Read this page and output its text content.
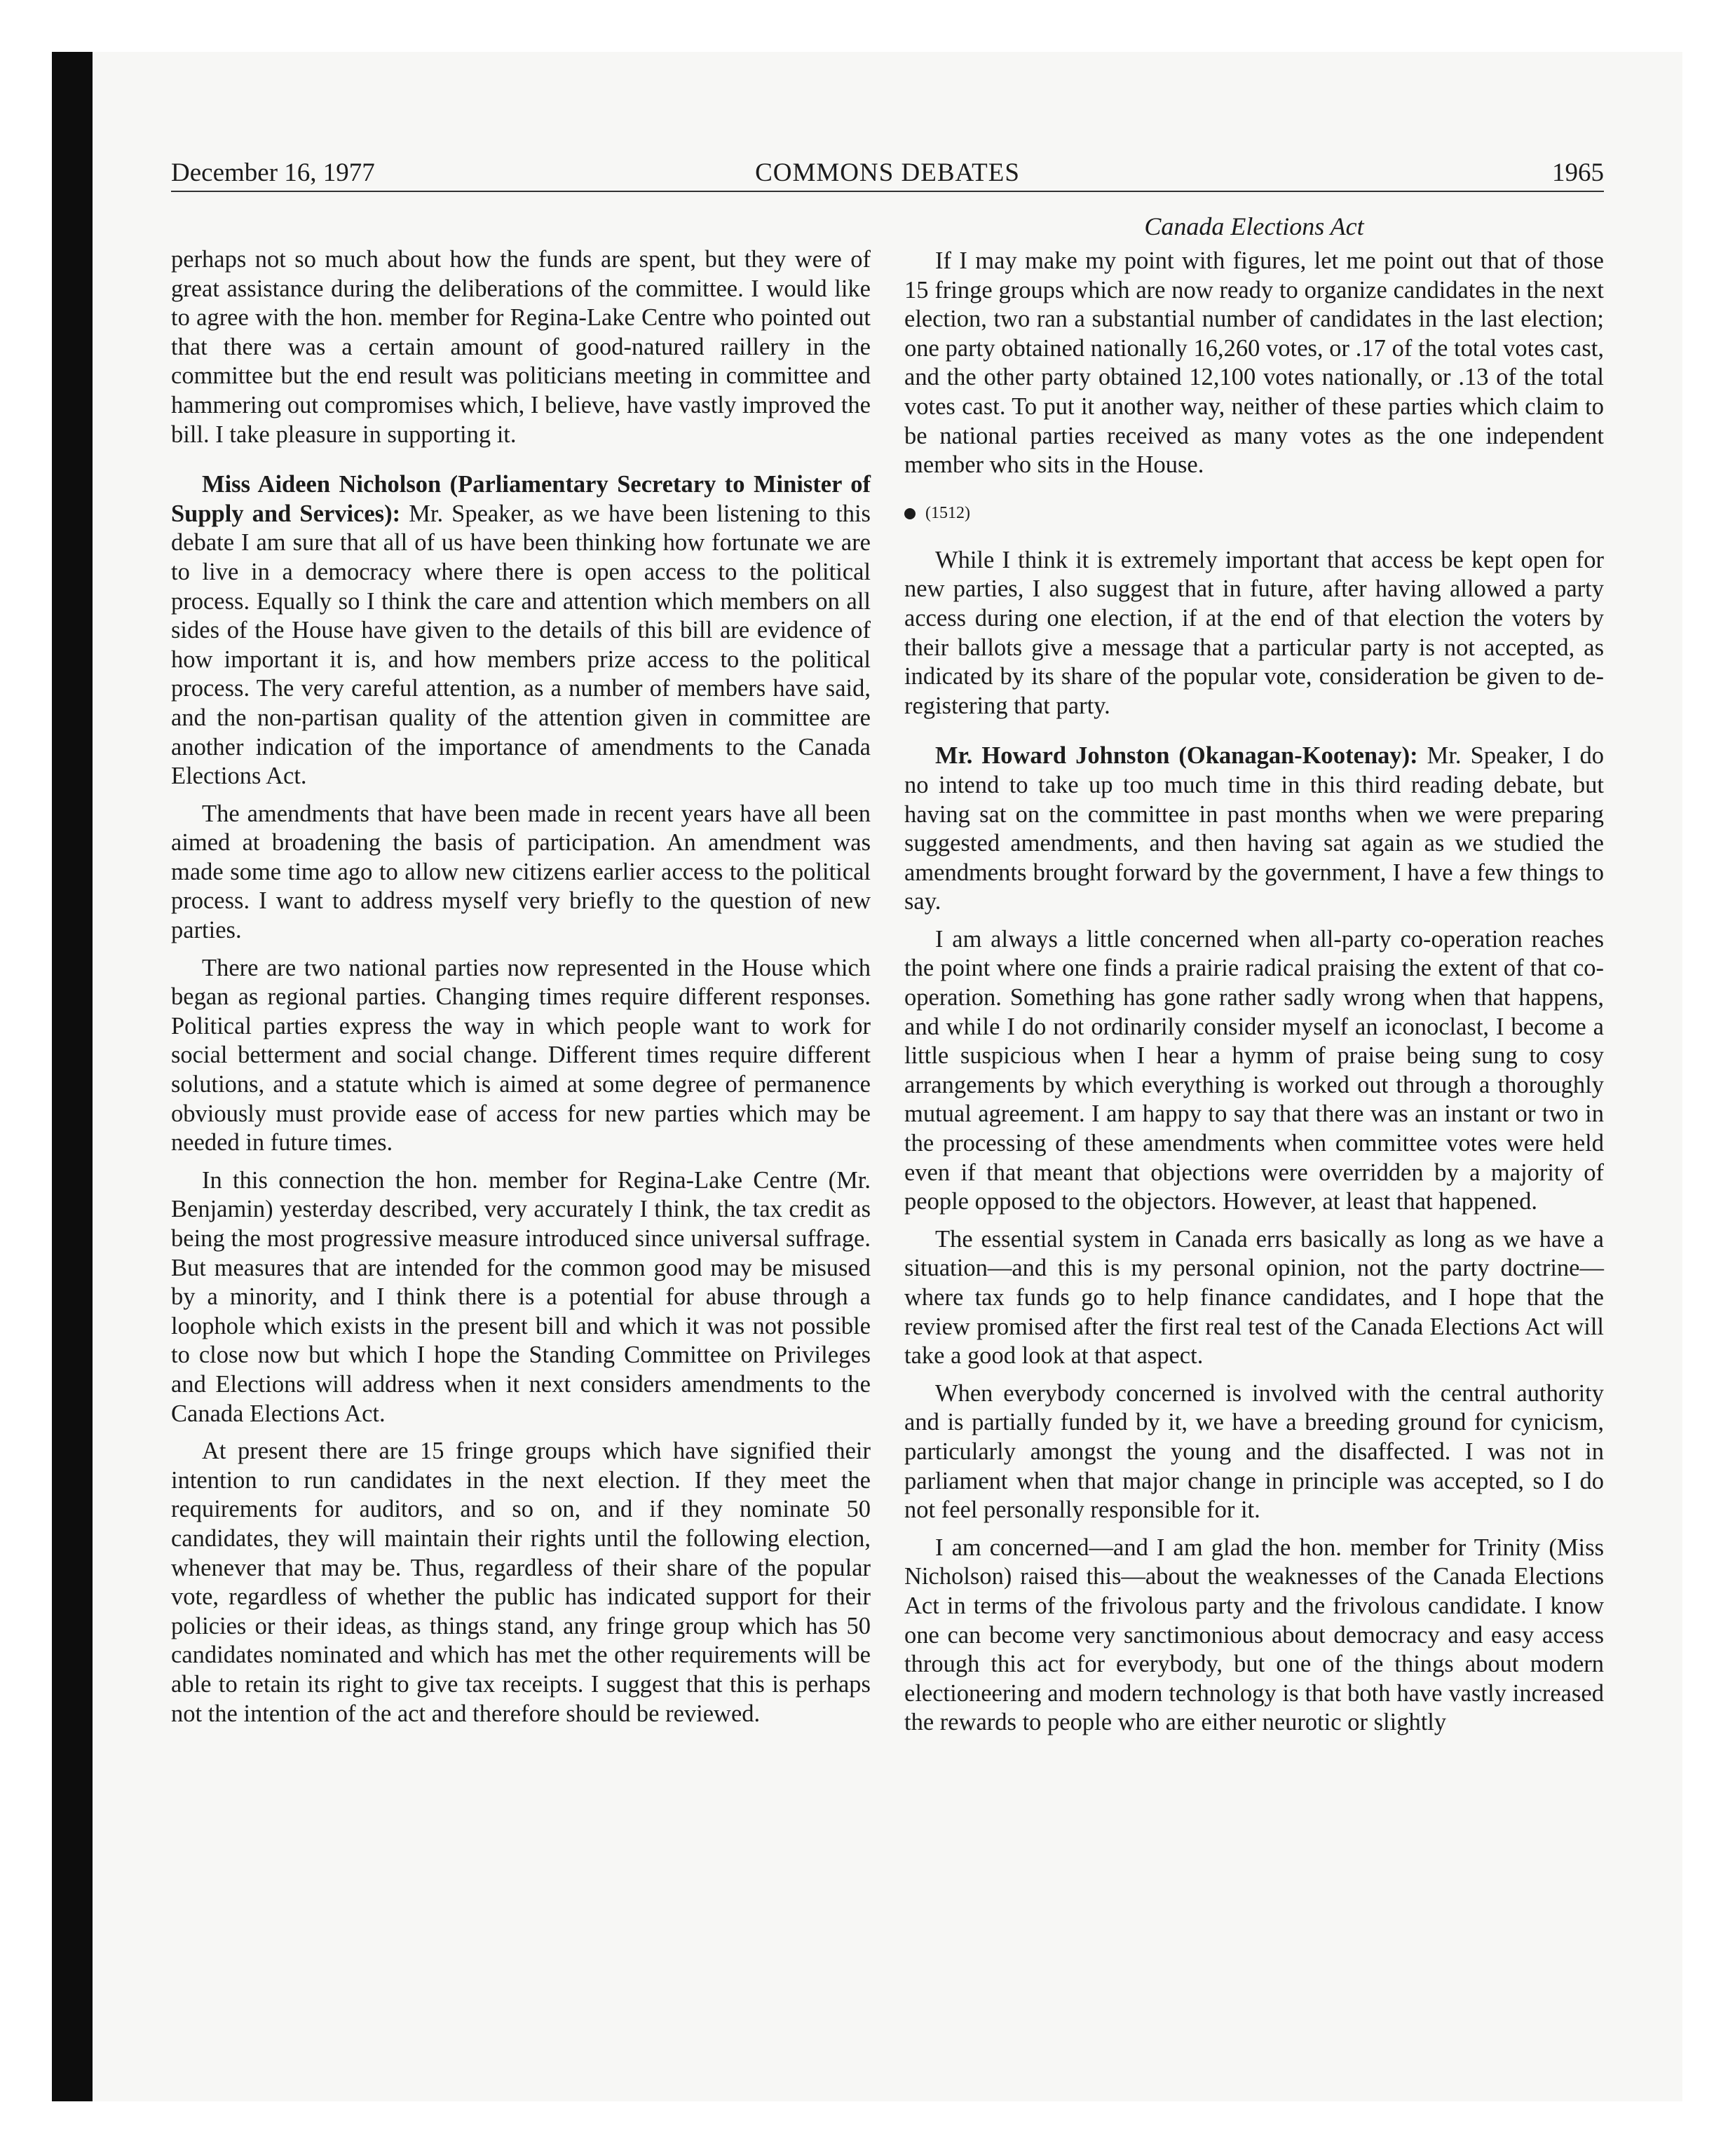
December 16, 1977	COMMONS DEBATES	1965
Canada Elections Act

perhaps not so much about how the funds are spent, but they were of great assistance during the deliberations of the committee. I would like to agree with the hon. member for Regina-Lake Centre who pointed out that there was a certain amount of good-natured raillery in the committee but the end result was politicians meeting in committee and hammering out compromises which, I believe, have vastly improved the bill. I take pleasure in supporting it.

Miss Aideen Nicholson (Parliamentary Secretary to Minister of Supply and Services): Mr. Speaker, as we have been listening to this debate I am sure that all of us have been thinking how fortunate we are to live in a democracy where there is open access to the political process. Equally so I think the care and attention which members on all sides of the House have given to the details of this bill are evidence of how important it is, and how members prize access to the political process. The very careful attention, as a number of members have said, and the non-partisan quality of the attention given in committee are another indication of the importance of amendments to the Canada Elections Act.

The amendments that have been made in recent years have all been aimed at broadening the basis of participation. An amendment was made some time ago to allow new citizens earlier access to the political process. I want to address myself very briefly to the question of new parties.

There are two national parties now represented in the House which began as regional parties. Changing times require different responses. Political parties express the way in which people want to work for social betterment and social change. Different times require different solutions, and a statute which is aimed at some degree of permanence obviously must provide ease of access for new parties which may be needed in future times.

In this connection the hon. member for Regina-Lake Centre (Mr. Benjamin) yesterday described, very accurately I think, the tax credit as being the most progressive measure introduced since universal suffrage. But measures that are intended for the common good may be misused by a minority, and I think there is a potential for abuse through a loophole which exists in the present bill and which it was not possible to close now but which I hope the Standing Committee on Privileges and Elections will address when it next considers amendments to the Canada Elections Act.

At present there are 15 fringe groups which have signified their intention to run candidates in the next election. If they meet the requirements for auditors, and so on, and if they nominate 50 candidates, they will maintain their rights until the following election, whenever that may be. Thus, regardless of their share of the popular vote, regardless of whether the public has indicated support for their policies or their ideas, as things stand, any fringe group which has 50 candidates nominated and which has met the other requirements will be able to retain its right to give tax receipts. I suggest that this is perhaps not the intention of the act and therefore should be reviewed.

If I may make my point with figures, let me point out that of those 15 fringe groups which are now ready to organize candidates in the next election, two ran a substantial number of candidates in the last election; one party obtained nationally 16,260 votes, or .17 of the total votes cast, and the other party obtained 12,100 votes nationally, or .13 of the total votes cast. To put it another way, neither of these parties which claim to be national parties received as many votes as the one independent member who sits in the House.

(1512)

While I think it is extremely important that access be kept open for new parties, I also suggest that in future, after having allowed a party access during one election, if at the end of that election the voters by their ballots give a message that a particular party is not accepted, as indicated by its share of the popular vote, consideration be given to de-registering that party.

Mr. Howard Johnston (Okanagan-Kootenay): Mr. Speaker, I do no intend to take up too much time in this third reading debate, but having sat on the committee in past months when we were preparing suggested amendments, and then having sat again as we studied the amendments brought forward by the government, I have a few things to say.

I am always a little concerned when all-party co-operation reaches the point where one finds a prairie radical praising the extent of that co-operation. Something has gone rather sadly wrong when that happens, and while I do not ordinarily consider myself an iconoclast, I become a little suspicious when I hear a hymm of praise being sung to cosy arrangements by which everything is worked out through a thoroughly mutual agreement. I am happy to say that there was an instant or two in the processing of these amendments when committee votes were held even if that meant that objections were overridden by a majority of people opposed to the objectors. However, at least that happened.

The essential system in Canada errs basically as long as we have a situation—and this is my personal opinion, not the party doctrine—where tax funds go to help finance candidates, and I hope that the review promised after the first real test of the Canada Elections Act will take a good look at that aspect.

When everybody concerned is involved with the central authority and is partially funded by it, we have a breeding ground for cynicism, particularly amongst the young and the disaffected. I was not in parliament when that major change in principle was accepted, so I do not feel personally responsible for it.

I am concerned—and I am glad the hon. member for Trinity (Miss Nicholson) raised this—about the weaknesses of the Canada Elections Act in terms of the frivolous party and the frivolous candidate. I know one can become very sanctimonious about democracy and easy access through this act for everybody, but one of the things about modern electioneering and modern technology is that both have vastly increased the rewards to people who are either neurotic or slightly
